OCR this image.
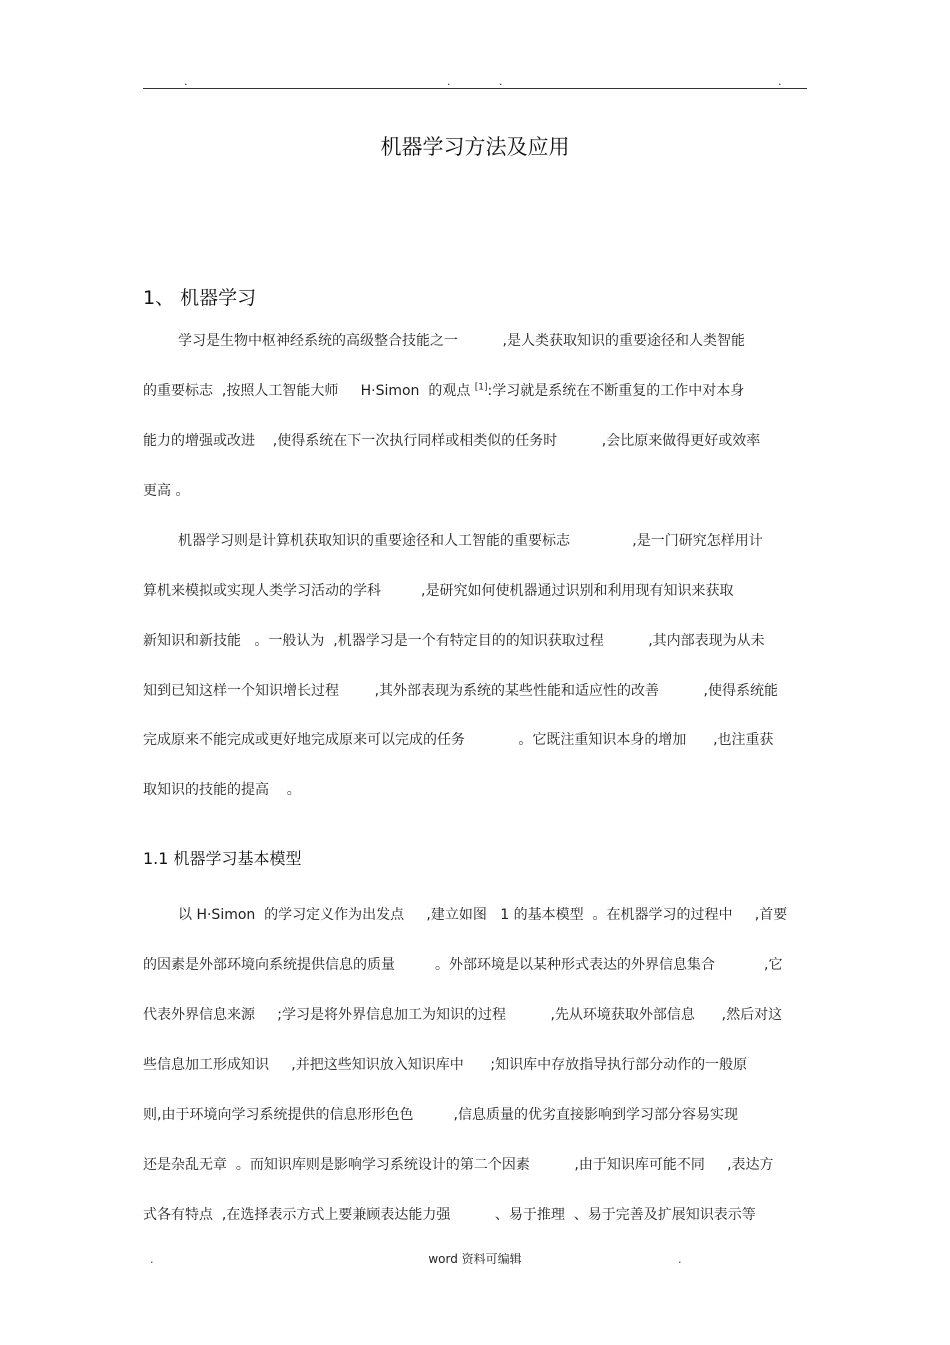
.	.	.	.
机器学习方法及应用
1、 机器学习
学习是生物中枢神经系统的高级整合技能之一          ,是人类获取知识的重要途径和人类智能
的重要标志  ,按照人工智能大师     H·Simon  的观点 [1]:学习就是系统在不断重复的工作中对本身
能力的增强或改进    ,使得系统在下一次执行同样或相类似的任务时          ,会比原来做得更好或效率
更高 。
机器学习则是计算机获取知识的重要途径和人工智能的重要标志              ,是一门研究怎样用计
算机来模拟或实现人类学习活动的学科         ,是研究如何使机器通过识别和利用现有知识来获取
新知识和新技能   。一般认为  ,机器学习是一个有特定目的的知识获取过程          ,其内部表现为从未
知到已知这样一个知识增长过程        ,其外部表现为系统的某些性能和适应性的改善          ,使得系统能
完成原来不能完成或更好地完成原来可以完成的任务            。它既注重知识本身的增加      ,也注重获
取知识的技能的提高    。
1.1 机器学习基本模型
以 H·Simon  的学习定义作为出发点     ,建立如图   1 的基本模型  。在机器学习的过程中     ,首要
的因素是外部环境向系统提供信息的质量         。外部环境是以某种形式表达的外界信息集合           ,它
代表外界信息来源     ;学习是将外界信息加工为知识的过程          ,先从环境获取外部信息      ,然后对这
些信息加工形成知识     ,并把这些知识放入知识库中      ;知识库中存放指导执行部分动作的一般原
则,由于环境向学习系统提供的信息形形色色         ,信息质量的优劣直接影响到学习部分容易实现
还是杂乱无章  。而知识库则是影响学习系统设计的第二个因素          ,由于知识库可能不同     ,表达方
式各有特点  ,在选择表示方式上要兼顾表达能力强          、易于推理  、易于完善及扩展知识表示等
.	word 资料可编辑	.
